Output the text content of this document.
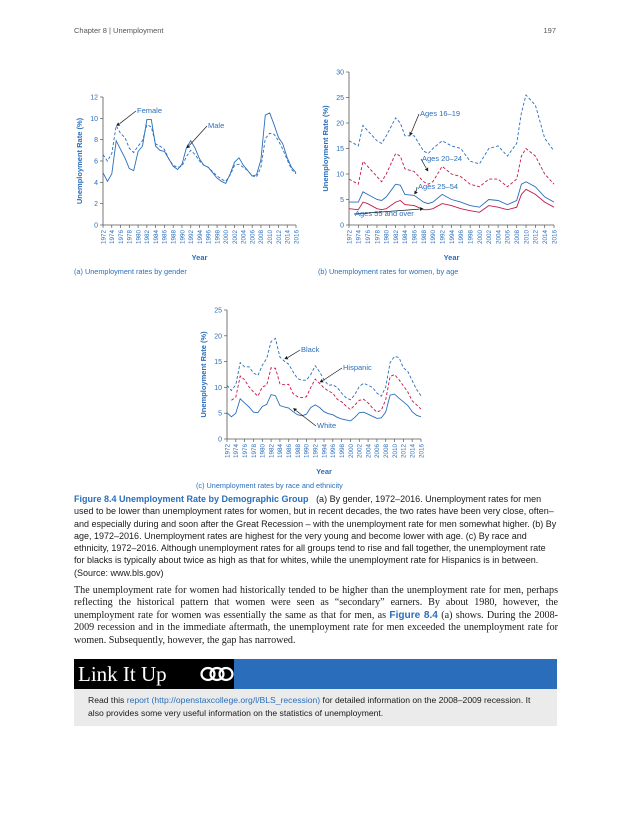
Chapter 8 | Unemployment	197
0
2
4
6
8
10
12
1972 1974 1976 1978 1980 1982 1984 1986 1988 1990 1992 1994 1996 1998 2000 2002 2004 2006 2008 2010 2012 2014 2016
Unemployment Rate (%)
Year
(a) Unemployment rates by gender
Female
Male
0
5
10
15
20
25
30
1972 1974 1976 1978 1980 1982 1984 1986 1988 1990 1992 1994 1996 1998 2000 2002 2004 2006 2008 2010 2012 2014 2016
Unemployment Rate (%)
Year
(b) Unemployment rates for women, by age
Ages 16–19
Ages 20–24
Ages 25–54
Ages 55 and over
0
5
10
15
20
25
1972 1974 1976 1978 1980 1982 1984 1986 1988 1990 1992 1994 1996 1998 2000 2002 2004 2006 2008 2010 2012 2014 2016
Unemployment Rate (%)
Year
(c) Unemployment rates by race and ethnicity
Black
Hispanic
White
Figure 8.4 Unemployment Rate by Demographic Group (a) By gender, 1972–2016. Unemployment rates for men used to be lower than unemployment rates for women, but in recent decades, the two rates have been very close, often– and especially during and soon after the Great Recession – with the unemployment rate for men somewhat higher. (b) By age, 1972–2016. Unemployment rates are highest for the very young and become lower with age. (c) By race and ethnicity, 1972–2016. Although unemployment rates for all groups tend to rise and fall together, the unemployment rate for blacks is typically about twice as high as that for whites, while the unemployment rate for Hispanics is in between. (Source: www.bls.gov)
The unemployment rate for women had historically tended to be higher than the unemployment rate for men, perhaps reflecting the historical pattern that women were seen as “secondary” earners. By about 1980, however, the unemployment rate for women was essentially the same as that for men, as Figure 8.4 (a) shows. During the 2008-2009 recession and in the immediate aftermath, the unemployment rate for men exceeded the unemployment rate for women. Subsequently, however, the gap has narrowed.
Link It Up
Read this report (http://openstaxcollege.org/l/BLS_recession) for detailed information on the 2008–2009 recession. It also provides some very useful information on the statistics of unemployment.
